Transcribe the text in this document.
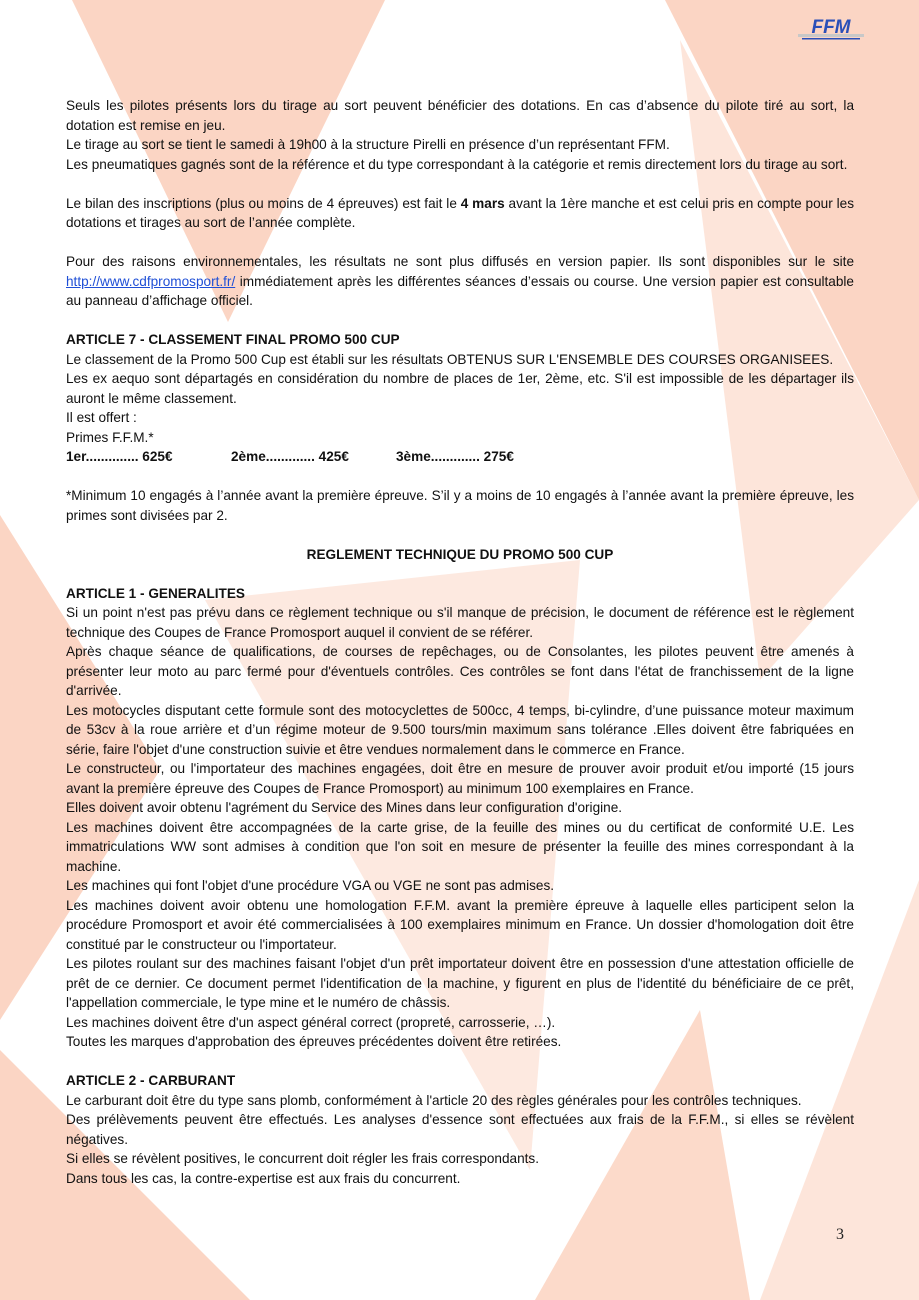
FFM

Seuls les pilotes présents lors du tirage au sort peuvent bénéficier des dotations. En cas d’absence du pilote tiré au sort, la dotation est remise en jeu.

Le tirage au sort se tient le samedi à 19h00 à la structure Pirelli en présence d’un représentant FFM.

Les pneumatiques gagnés sont de la référence et du type correspondant à la catégorie et remis directement lors du tirage au sort.

Le bilan des inscriptions (plus ou moins de 4 épreuves) est fait le 4 mars avant la 1ère manche et est celui pris en compte pour les dotations et tirages au sort de l’année complète.

Pour des raisons environnementales, les résultats ne sont plus diffusés en version papier. Ils sont disponibles sur le site http://www.cdfpromosport.fr/ immédiatement après les différentes séances d’essais ou course. Une version papier est consultable au panneau d’affichage officiel.

ARTICLE 7 - CLASSEMENT FINAL PROMO 500 CUP

Le classement de la Promo 500 Cup est établi sur les résultats OBTENUS SUR L'ENSEMBLE DES COURSES ORGANISEES.

Les ex aequo sont départagés en considération du nombre de places de 1er, 2ème, etc. S'il est impossible de les départager ils auront le même classement.

Il est offert :

Primes F.F.M.*

1er.............. 625€	2ème............. 425€	3ème............. 275€

*Minimum 10 engagés à l’année avant la première épreuve. S’il y a moins de 10 engagés à l’année avant la première épreuve, les primes sont divisées par 2.

REGLEMENT TECHNIQUE DU PROMO 500 CUP

ARTICLE 1 - GENERALITES

Si un point n'est pas prévu dans ce règlement technique ou s'il manque de précision, le document de référence est le règlement technique des Coupes de France Promosport auquel il convient de se référer.

Après chaque séance de qualifications, de courses de repêchages, ou de Consolantes, les pilotes peuvent être amenés à présenter leur moto au parc fermé pour d'éventuels contrôles. Ces contrôles se font dans l'état de franchissement de la ligne d'arrivée.

Les motocycles disputant cette formule sont des motocyclettes de 500cc, 4 temps, bi-cylindre, d’une puissance moteur maximum de 53cv à la roue arrière et d’un régime moteur de 9.500 tours/min maximum sans tolérance .Elles doivent être fabriquées en série, faire l'objet d'une construction suivie et être vendues normalement dans le commerce en France.

Le constructeur, ou l'importateur des machines engagées, doit être en mesure de prouver avoir produit et/ou importé (15 jours avant la première épreuve des Coupes de France Promosport) au minimum 100 exemplaires en France.

Elles doivent avoir obtenu l'agrément du Service des Mines dans leur configuration d'origine.

Les machines doivent être accompagnées de la carte grise, de la feuille des mines ou du certificat de conformité U.E. Les immatriculations WW sont admises à condition que l'on soit en mesure de présenter la feuille des mines correspondant à la machine.

Les machines qui font l'objet d'une procédure VGA ou VGE ne sont pas admises.

Les machines doivent avoir obtenu une homologation F.F.M. avant la première épreuve à laquelle elles participent selon la procédure Promosport et avoir été commercialisées à 100 exemplaires minimum en France. Un dossier d'homologation doit être constitué par le constructeur ou l'importateur.

Les pilotes roulant sur des machines faisant l'objet d'un prêt importateur doivent être en possession d'une attestation officielle de prêt de ce dernier. Ce document permet l'identification de la machine, y figurent en plus de l'identité du bénéficiaire de ce prêt, l'appellation commerciale, le type mine et le numéro de châssis.

Les machines doivent être d'un aspect général correct (propreté, carrosserie, …).

Toutes les marques d'approbation des épreuves précédentes doivent être retirées.

ARTICLE 2 - CARBURANT

Le carburant doit être du type sans plomb, conformément à l'article 20 des règles générales pour les contrôles techniques.

Des prélèvements peuvent être effectués. Les analyses d'essence sont effectuées aux frais de la F.F.M., si elles se révèlent négatives.

Si elles se révèlent positives, le concurrent doit régler les frais correspondants.

Dans tous les cas, la contre-expertise est aux frais du concurrent.

3
